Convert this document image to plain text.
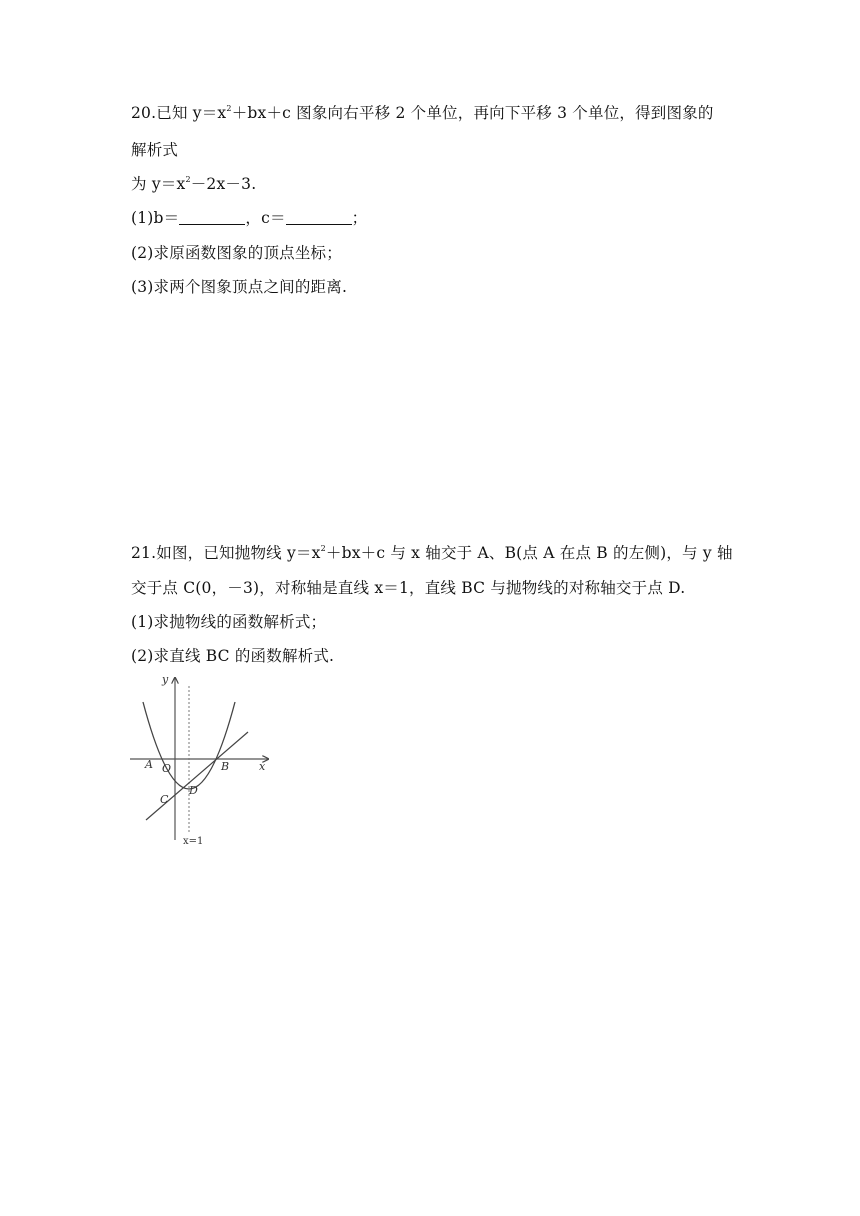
20.已知 $y=x^2+bx+c$ 图象向右平移 2 个单位，再向下平移 3 个单位，得到图象的
解析式
为 $y=x^2-2x-3$.
(1)b＝	，c＝	；
(2)求原函数图象的顶点坐标；
(3)求两个图象顶点之间的距离.
21.如图，已知抛物线 $y=x^2+bx+c$ 与 x 轴交于 A、B(点 A 在点 B 的左侧)，与 y 轴
交于点 C(0，－3)，对称轴是直线 x＝1，直线 BC 与抛物线的对称轴交于点 D.
(1)求抛物线的函数解析式；
(2)求直线 BC 的函数解析式.
y
x
A O	B
C
D
x=1
